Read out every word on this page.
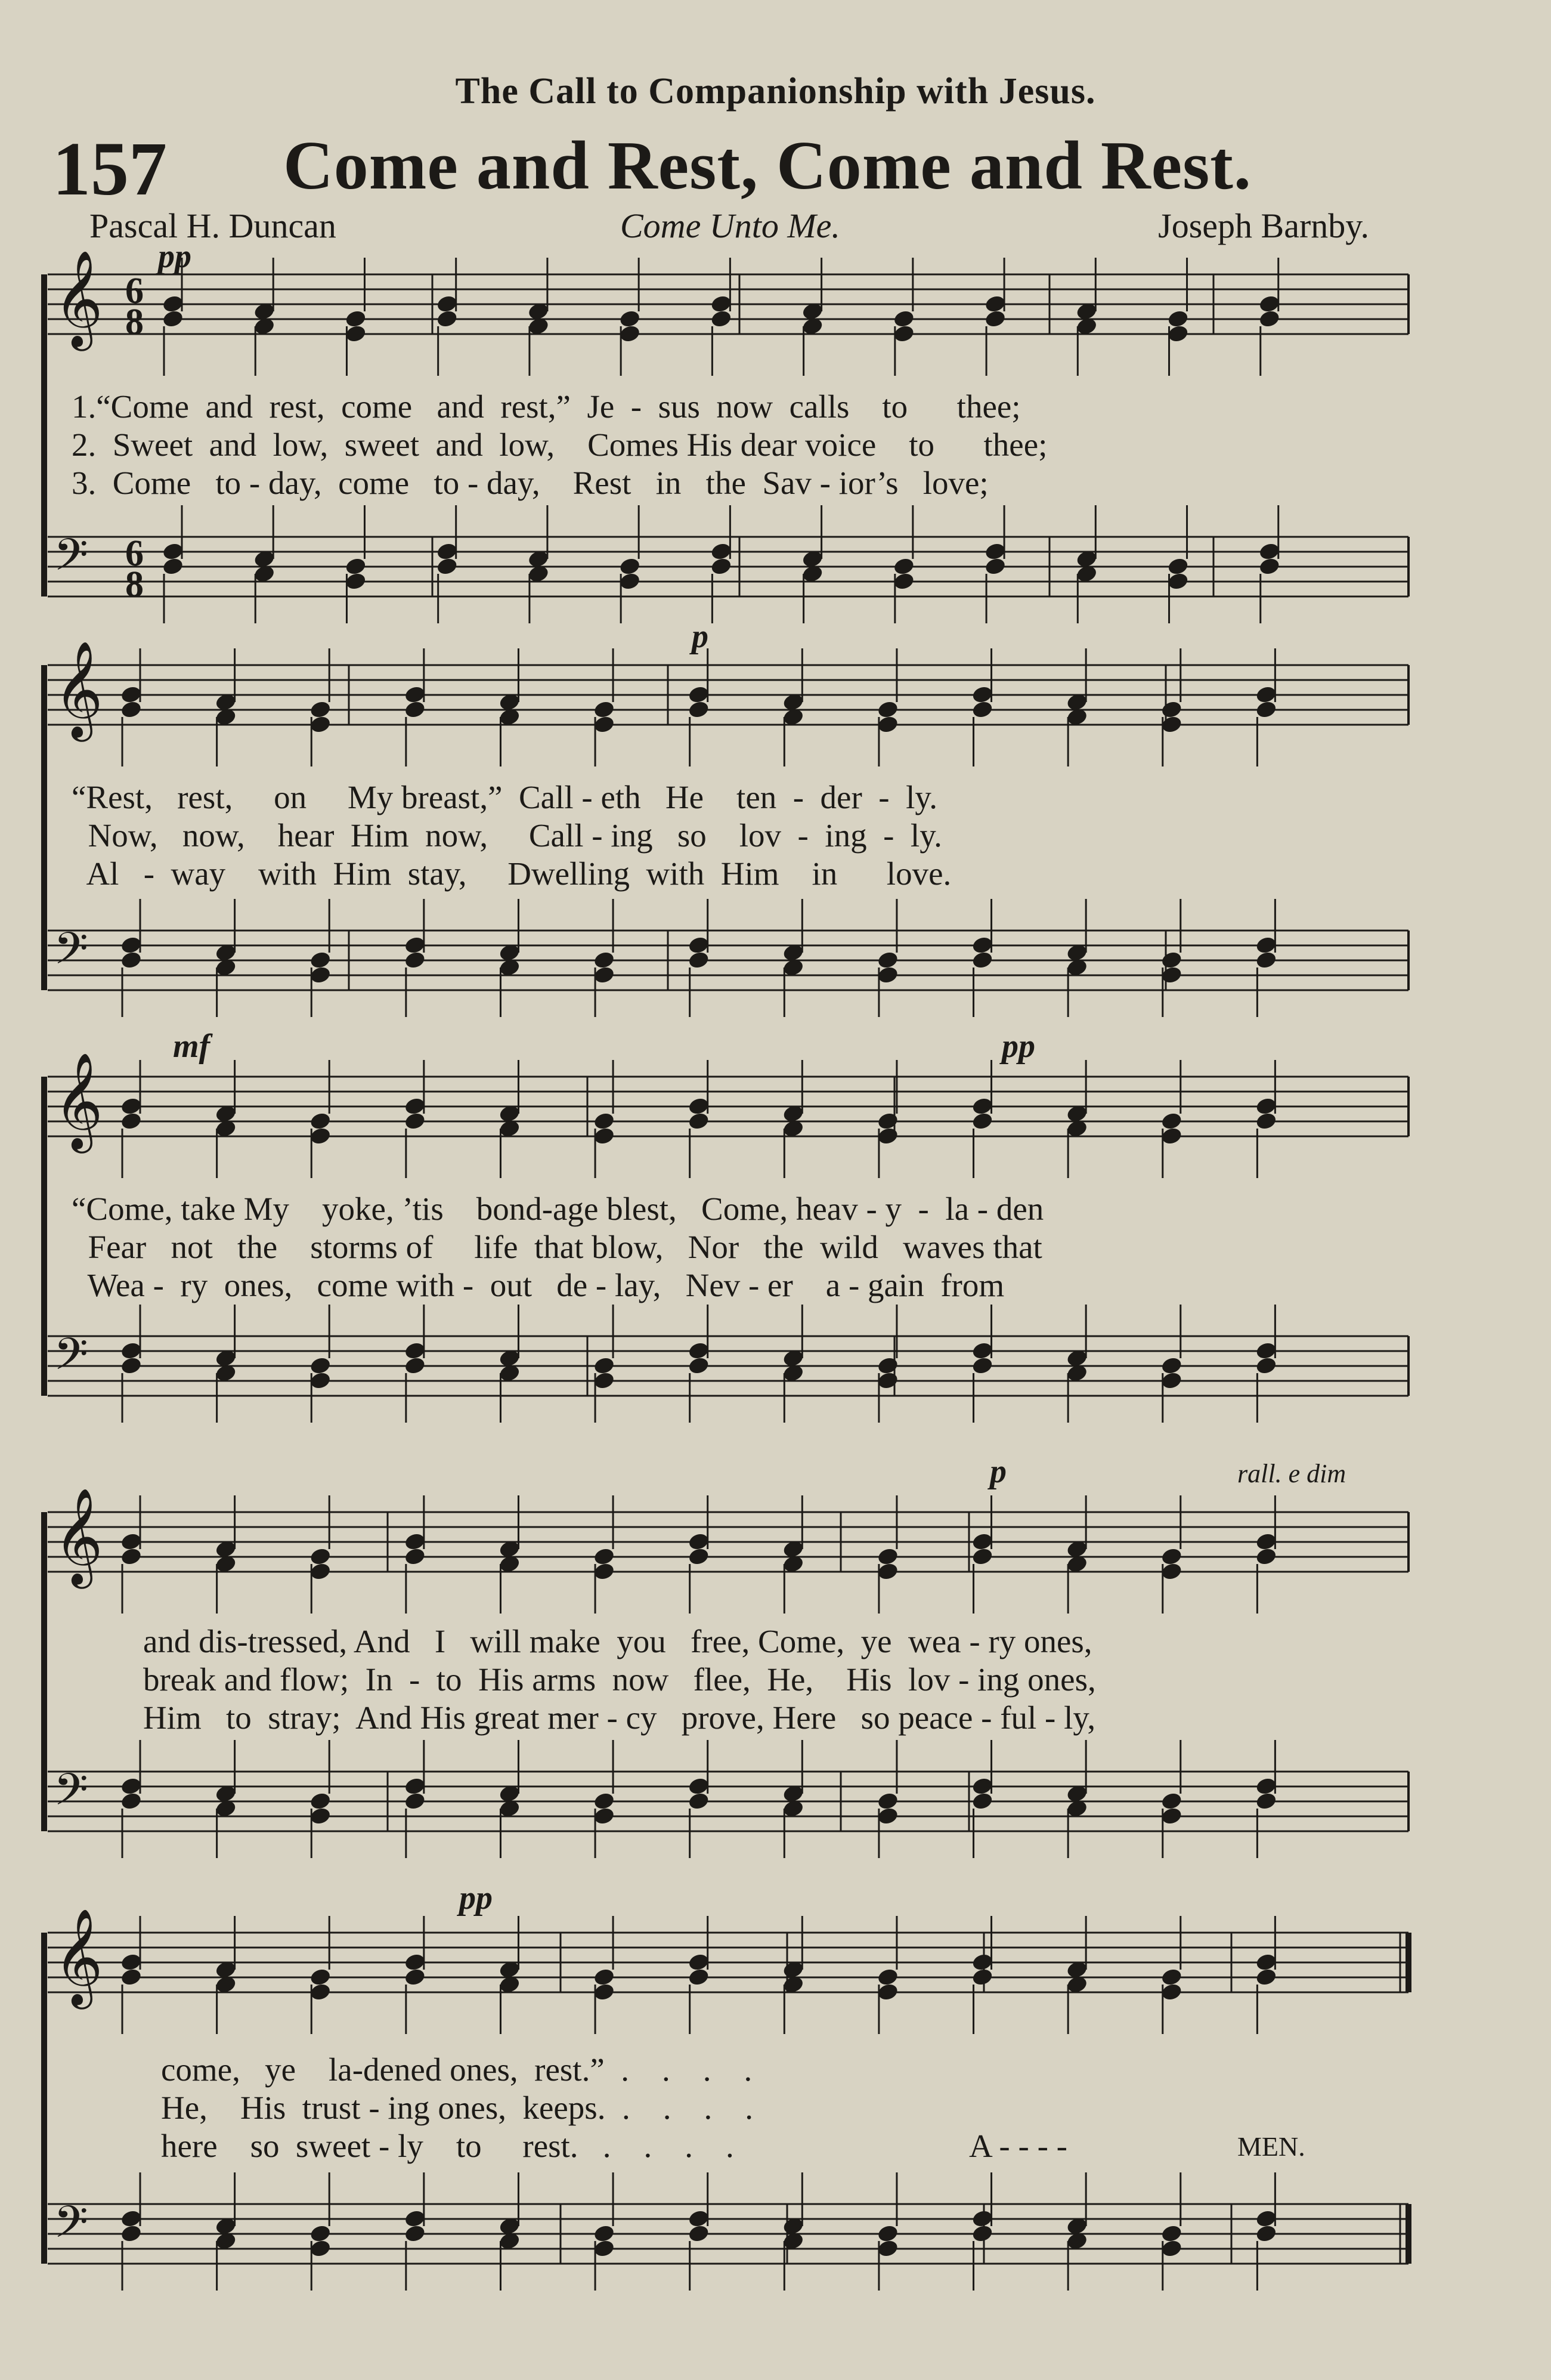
The Call to Companionship with Jesus.
157 Come and Rest, Come and Rest.
Pascal H. Duncan	Come Unto Me.	Joseph Barnby.
𝄞
𝄢
𝄞
𝄢
𝄞
𝄢
𝄞
𝄢
𝄞
𝄢
6
8
6
8
1.“Come  and  rest,  come   and  rest,”  Je  -  sus  now  calls    to      thee;
2.  Sweet  and  low,  sweet  and  low,    Comes His dear voice    to      thee;
3.  Come   to - day,  come   to - day,    Rest   in   the  Sav - ior’s   love;
“Rest,   rest,     on     My breast,”  Call - eth   He    ten  -  der  -  ly.
Now,   now,    hear  Him  now,     Call - ing   so    lov  -  ing  -  ly.
Al   -  way    with  Him  stay,     Dwelling  with  Him    in      love.
“Come, take My    yoke, ’tis    bond-age blest,   Come, heav - y  -  la - den
Fear   not   the    storms of     life  that blow,   Nor   the  wild   waves that
Wea -  ry  ones,   come with -  out   de - lay,   Nev - er    a - gain  from
and dis-tressed, And   I   will make  you   free, Come,  ye  wea - ry ones,
break and flow;  In  -  to  His arms  now   flee,  He,    His  lov - ing ones,
Him   to  stray;  And His great mer - cy   prove, Here   so peace - ful - ly,
come,   ye    la-dened ones,  rest.”  .    .    .    .
He,    His  trust - ing ones,  keeps.  .    .    .    .
here    so  sweet - ly    to     rest.   .    .    .    .	A - - - -	MEN.
pp
p
mf	pp
p	rall. e dim
pp
